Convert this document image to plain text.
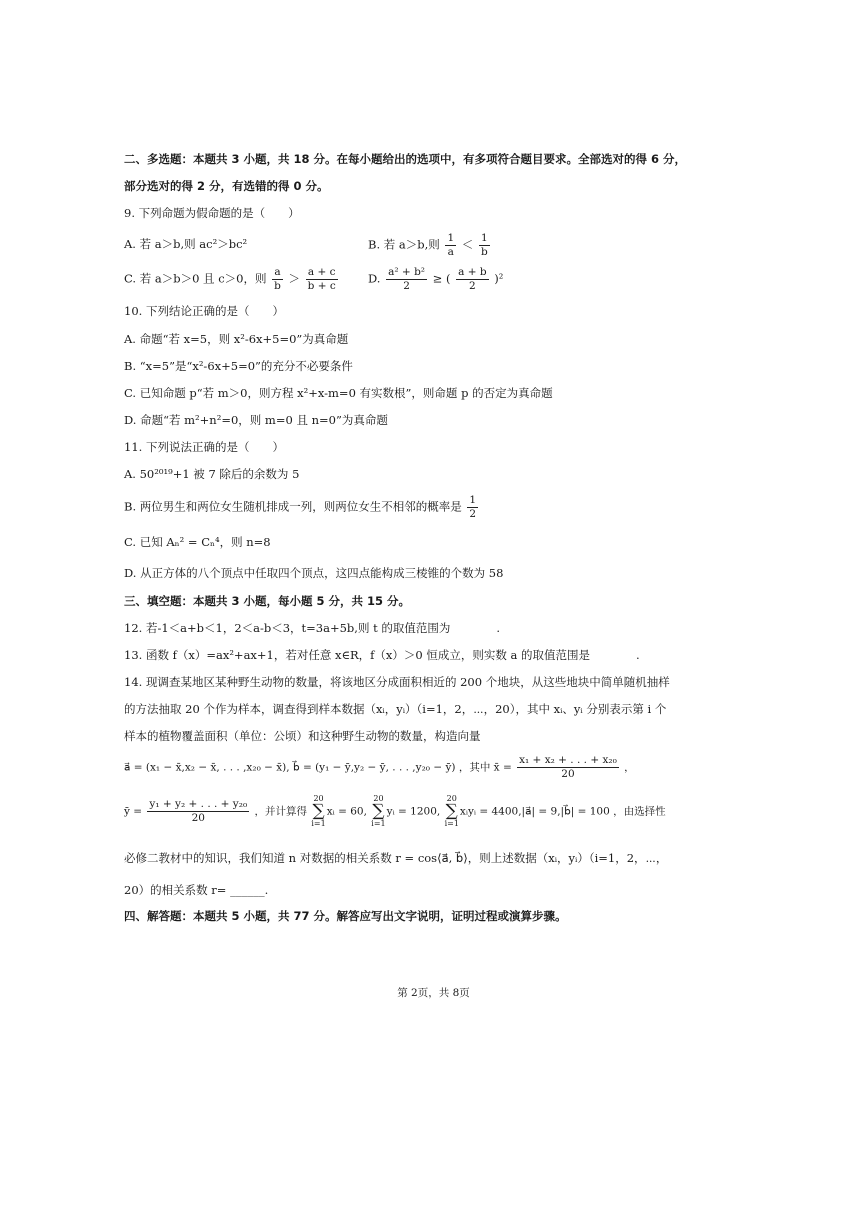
二、多选题：本题共 3 小题，共 18 分。在每小题给出的选项中，有多项符合题目要求。全部选对的得 6 分，
部分选对的得 2 分，有选错的得 0 分。
9. 下列命题为假命题的是（　　）
A. 若 a＞b,则 ac²＞bc²	B. 若 a＞b,则 $\frac{1}{a} < \frac{1}{b}$
C. 若 a＞b＞0 且 c＞0，则 $\frac{a}{b} > \frac{a + c}{b + c}$	D. $\frac{\text{a² + b²}}{2}$ ≥ ( $\frac{a + b}{2} )^2$
10. 下列结论正确的是（　　）
A. 命题“若 x=5，则 x²-6x+5=0”为真命题
B. “x=5”是“x²-6x+5=0”的充分不必要条件
C. 已知命题 p“若 m＞0，则方程 x²+x-m=0 有实数根”，则命题 p 的否定为真命题
D. 命题“若 m²+n²=0，则 m=0 且 n=0”为真命题
11. 下列说法正确的是（　　）
A. 50²⁰¹⁹+1 被 7 除后的余数为 5
B. 两位男生和两位女生随机排成一列，则两位女生不相邻的概率是 $\frac{1}{2}$
C. 已知 Aₙ² = Cₙ⁴，则 n=8
D. 从正方体的八个顶点中任取四个顶点，这四点能构成三棱锥的个数为 58
三、填空题：本题共 3 小题，每小题 5 分，共 15 分。
12. 若-1＜a+b＜1，2＜a-b＜3，t=3a+5b,则 t 的取值范围为　　　　.
13. 函数 f（x）=ax²+ax+1，若对任意 x∈R，f（x）＞0 恒成立，则实数 a 的取值范围是　　　　.
14. 现调查某地区某种野生动物的数量，将该地区分成面积相近的 200 个地块，从这些地块中简单随机抽样
的方法抽取 20 个作为样本，调查得到样本数据（xᵢ，yᵢ）（i=1，2，⋯，20），其中 xᵢ、yᵢ 分别表示第 i 个
样本的植物覆盖面积（单位：公顷）和这种野生动物的数量，构造向量
a⃗ = (x₁ − x̄,x₂ − x̄, . . . ,x₂₀ − x̄), b⃗ = (y₁ − ȳ,y₂ − ȳ, . . . ,y₂₀ − ȳ) ，其中 x̄ = $\frac{\text{x₁ + x₂ + . . . + x₂₀}}{20}$ ，
ȳ = $\frac{\text{y₁ + y₂ + . . . + y₂₀}}{20}$ ，并计算得 20
∑
i=1xᵢ = 60, 20
∑
i=1yᵢ = 1200, 20
∑
i=1xᵢyᵢ = 4400,|a⃗| = 9,|b⃗| = 100 ，由选择性
必修二教材中的知识，我们知道 n 对数据的相关系数 r = cos⟨a⃗, b⃗⟩，则上述数据（xᵢ，yᵢ）（i=1，2，⋯，
20）的相关系数 r= ______.
四、解答题：本题共 5 小题，共 77 分。解答应写出文字说明，证明过程或演算步骤。
第 2页，共 8页
